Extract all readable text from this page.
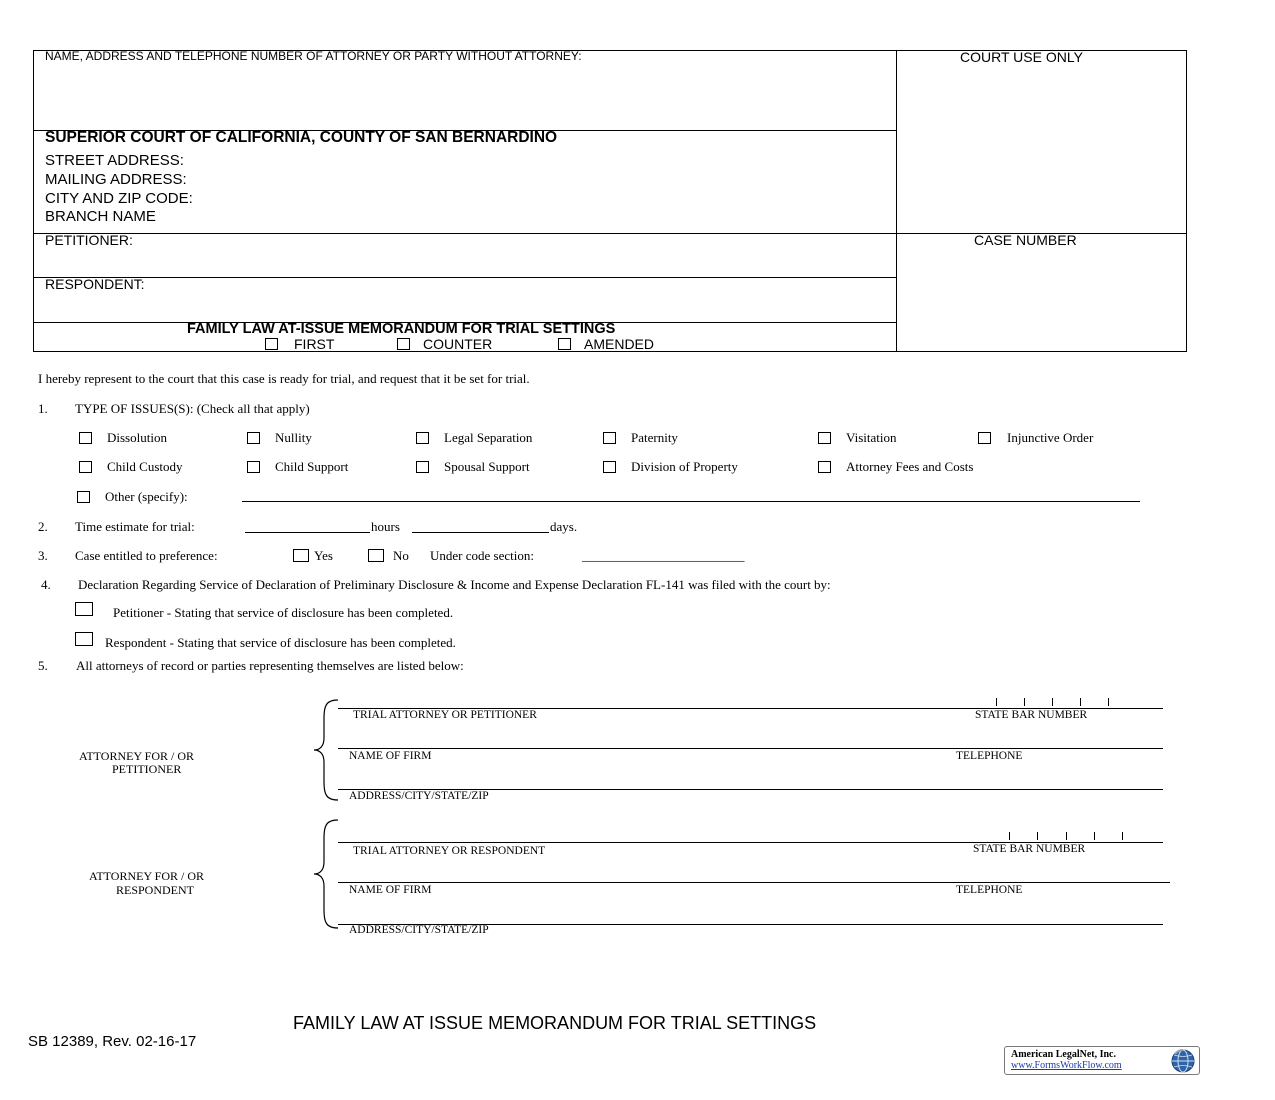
NAME, ADDRESS AND TELEPHONE NUMBER OF ATTORNEY OR PARTY WITHOUT ATTORNEY:	COURT USE ONLY
SUPERIOR COURT OF CALIFORNIA, COUNTY OF SAN BERNARDINO
STREET ADDRESS:
MAILING ADDRESS:
CITY AND ZIP CODE:
BRANCH NAME
PETITIONER:	CASE NUMBER
RESPONDENT:
FAMILY LAW AT-ISSUE MEMORANDUM FOR TRIAL SETTINGS
FIRST	COUNTER	AMENDED
I hereby represent to the court that this case is ready for trial, and request that it be set for trial.
1. TYPE OF ISSUES(S): (Check all that apply)
Dissolution	Nullity	Legal Separation	Paternity	Visitation	Injunctive Order
Child Custody	Child Support	Spousal Support	Division of Property	Attorney Fees and Costs
Other (specify):
2. Time estimate for trial:	hours	days.
3. Case entitled to preference:	Yes	No Under code section:	_________________________
4. Declaration Regarding Service of Declaration of Preliminary Disclosure & Income and Expense Declaration FL-141 was filed with the court by:
Petitioner - Stating that service of disclosure has been completed.
Respondent - Stating that service of disclosure has been completed.
5. All attorneys of record or parties representing themselves are listed below:
ATTORNEY FOR / OR
PETITIONER
TRIAL ATTORNEY OR PETITIONER	STATE BAR NUMBER
NAME OF FIRM	TELEPHONE
ADDRESS/CITY/STATE/ZIP
ATTORNEY FOR / OR
RESPONDENT
TRIAL ATTORNEY OR RESPONDENT	STATE BAR NUMBER
NAME OF FIRM	TELEPHONE
ADDRESS/CITY/STATE/ZIP
FAMILY LAW AT ISSUE MEMORANDUM FOR TRIAL SETTINGS
SB 12389, Rev. 02-16-17
American LegalNet, Inc.
www.FormsWorkFlow.com
